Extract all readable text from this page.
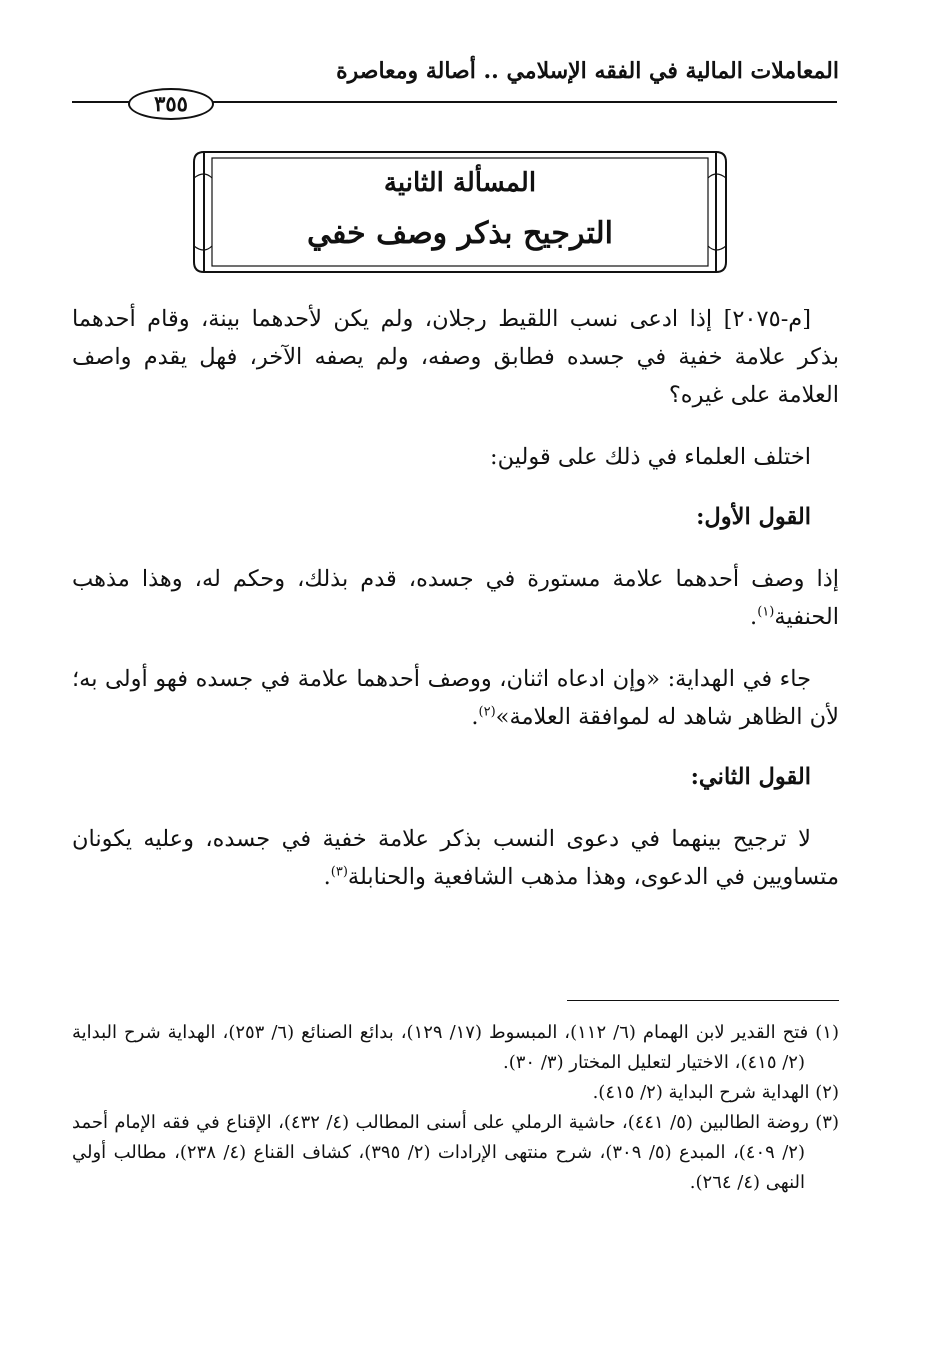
المعاملات المالية في الفقه الإسلامي .. أصالة ومعاصرة
٣٥٥
المسألة الثانية
الترجيح بذكر وصف خفي

[م-٢٠٧٥] إذا ادعى نسب اللقيط رجلان، ولم يكن لأحدهما بينة، وقام أحدهما بذكر علامة خفية في جسده فطابق وصفه، ولم يصفه الآخر، فهل يقدم واصف العلامة على غيره؟

اختلف العلماء في ذلك على قولين:

القول الأول:

إذا وصف أحدهما علامة مستورة في جسده، قدم بذلك، وحكم له، وهذا مذهب الحنفية$^{(١)}$.

جاء في الهداية: «وإن ادعاه اثنان، ووصف أحدهما علامة في جسده فهو أولى به؛ لأن الظاهر شاهد له لموافقة العلامة»$^{(٢)}$.

القول الثاني:

لا ترجيح بينهما في دعوى النسب بذكر علامة خفية في جسده، وعليه يكونان متساويين في الدعوى، وهذا مذهب الشافعية والحنابلة$^{(٣)}$.

(١) فتح القدير لابن الهمام (٦/ ١١٢)، المبسوط (١٧/ ١٢٩)، بدائع الصنائع (٦/ ٢٥٣)، الهداية شرح البداية (٢/ ٤١٥)، الاختيار لتعليل المختار (٣/ ٣٠).

(٢) الهداية شرح البداية (٢/ ٤١٥).

(٣) روضة الطالبين (٥/ ٤٤١)، حاشية الرملي على أسنى المطالب (٤/ ٤٣٢)، الإقناع في فقه الإمام أحمد (٢/ ٤٠٩)، المبدع (٥/ ٣٠٩)، شرح منتهى الإرادات (٢/ ٣٩٥)، كشاف القناع (٤/ ٢٣٨)، مطالب أولي النهى (٤/ ٢٦٤).
